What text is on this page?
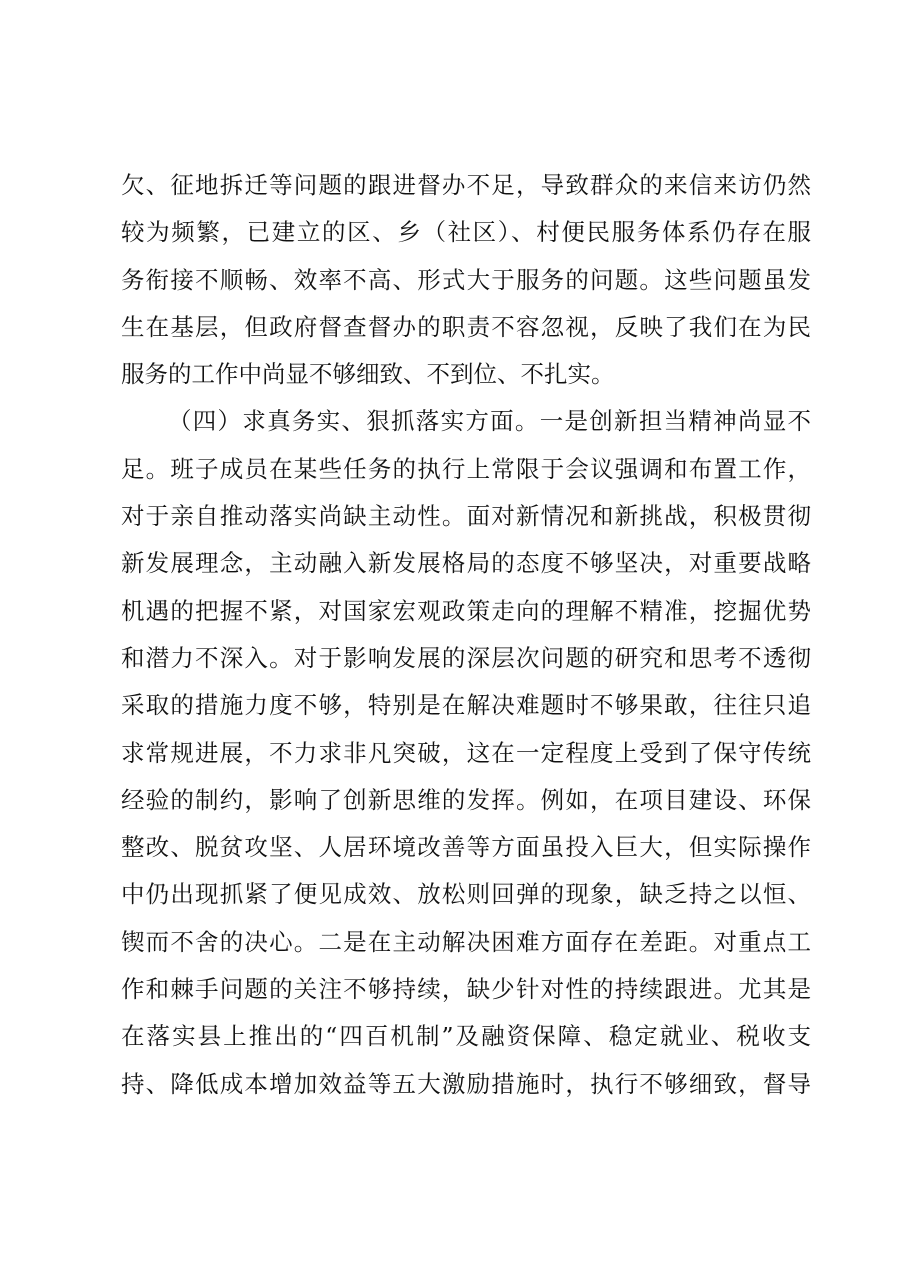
欠、征地拆迁等问题的跟进督办不足，导致群众的来信来访仍然
较为频繁，已建立的区、乡（社区）、村便民服务体系仍存在服
务衔接不顺畅、效率不高、形式大于服务的问题。这些问题虽发
生在基层，但政府督查督办的职责不容忽视，反映了我们在为民
服务的工作中尚显不够细致、不到位、不扎实。
（四）求真务实、狠抓落实方面。一是创新担当精神尚显不
足。班子成员在某些任务的执行上常限于会议强调和布置工作，
对于亲自推动落实尚缺主动性。面对新情况和新挑战，积极贯彻
新发展理念，主动融入新发展格局的态度不够坚决，对重要战略
机遇的把握不紧，对国家宏观政策走向的理解不精准，挖掘优势
和潜力不深入。对于影响发展的深层次问题的研究和思考不透彻
采取的措施力度不够，特别是在解决难题时不够果敢，往往只追
求常规进展，不力求非凡突破，这在一定程度上受到了保守传统
经验的制约，影响了创新思维的发挥。例如，在项目建设、环保
整改、脱贫攻坚、人居环境改善等方面虽投入巨大，但实际操作
中仍出现抓紧了便见成效、放松则回弹的现象，缺乏持之以恒、
锲而不舍的决心。二是在主动解决困难方面存在差距。对重点工
作和棘手问题的关注不够持续，缺少针对性的持续跟进。尤其是
在落实县上推出的“四百机制”及融资保障、稳定就业、税收支
持、降低成本增加效益等五大激励措施时，执行不够细致，督导
